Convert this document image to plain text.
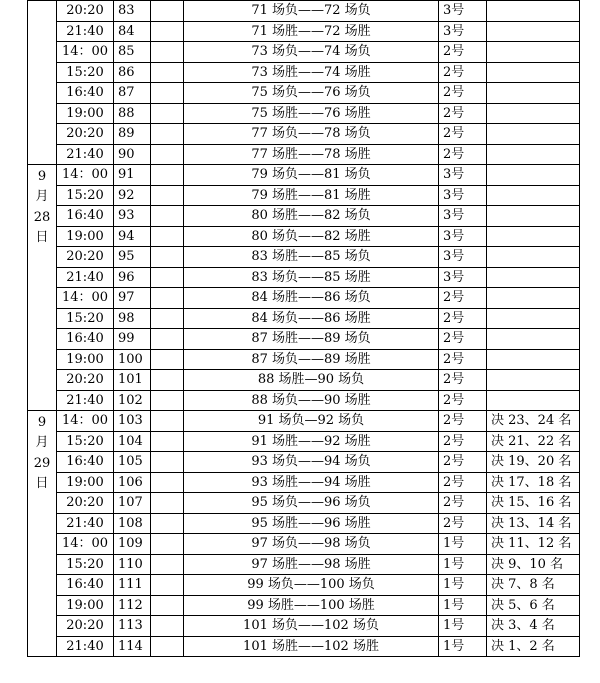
	20:20	83		71 场负——72 场负	3号	
	21:40	84		71 场胜——72 场胜	3号	
	14：00	85		73 场负——74 场负	2号	
	15:20	86		73 场胜——74 场胜	2号	
	16:40	87		75 场负——76 场负	2号	
	19:00	88		75 场胜——76 场胜	2号	
	20:20	89		77 场负——78 场负	2号	
	21:40	90		77 场胜——78 场胜	2号	

9
月
28
日	14：00	91		79 场负——81 场负	3号	
	15:20	92		79 场胜——81 场胜	3号	
	16:40	93		80 场胜——82 场负	3号	
	19:00	94		80 场负——82 场胜	3号	
	20:20	95		83 场胜——85 场负	3号	
	21:40	96		83 场负——85 场胜	3号	
	14：00	97		84 场胜——86 场负	2号	
	15:20	98		84 场负——86 场胜	2号	
	16:40	99		87 场胜——89 场负	2号	
	19:00	100		87 场负——89 场胜	2号	
	20:20	101		88 场胜—90 场负	2号	
	21:40	102		88 场负——90 场胜	2号	

9
月
29
日	14：00	103		91 场负—92 场负	2号	决 23、24 名
	15:20	104		91 场胜——92 场胜	2号	决 21、22 名
	16:40	105		93 场负——94 场负	2号	决 19、20 名
	19:00	106		93 场胜——94 场胜	2号	决 17、18 名
	20:20	107		95 场负——96 场负	2号	决 15、16 名
	21:40	108		95 场胜——96 场胜	2号	决 13、14 名
	14：00	109		97 场负——98 场负	1号	决 11、12 名
	15:20	110		97 场胜——98 场胜	1号	决 9、10 名
	16:40	111		99 场负——100 场负	1号	决 7、8 名
	19:00	112		99 场胜——100 场胜	1号	决 5、6 名
	20:20	113		101 场负——102 场负	1号	决 3、4 名
	21:40	114		101 场胜——102 场胜	1号	决 1、2 名
